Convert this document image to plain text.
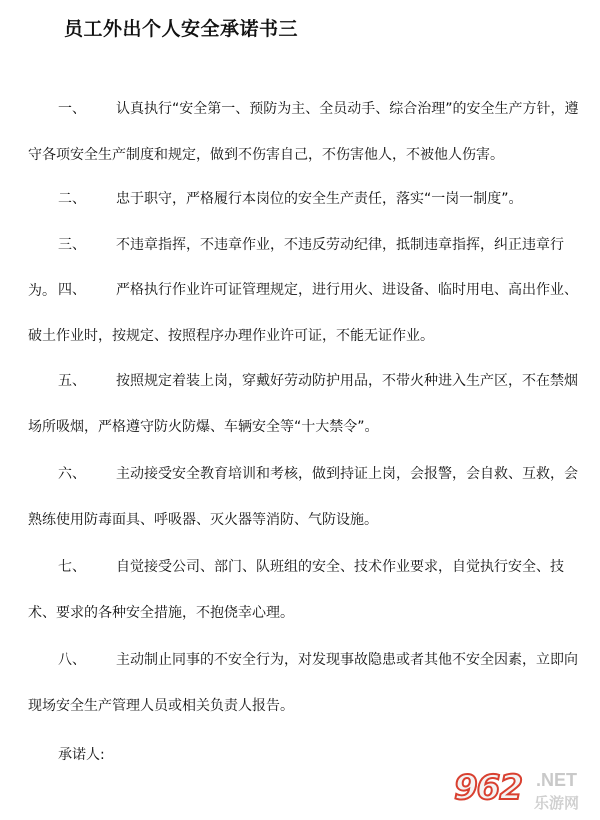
员工外出个人安全承诺书三
一、 认真执行“安全第一、预防为主、全员动手、综合治理”的安全生产方针，遵守各项安全生产制度和规定，做到不伤害自己，不伤害他人，不被他人伤害。
二、 忠于职守，严格履行本岗位的安全生产责任，落实“一岗一制度”。
三、 不违章指挥，不违章作业，不违反劳动纪律，抵制违章指挥，纠正违章行为。 四、 严格执行作业许可证管理规定，进行用火、进设备、临时用电、高出作业、破土作业时，按规定、按照程序办理作业许可证，不能无证作业。
五、 按照规定着装上岗，穿戴好劳动防护用品，不带火种进入生产区，不在禁烟场所吸烟，严格遵守防火防爆、车辆安全等“十大禁令”。
六、 主动接受安全教育培训和考核，做到持证上岗，会报警，会自救、互救，会熟练使用防毒面具、呼吸器、灭火器等消防、气防设施。
七、 自觉接受公司、部门、队班组的安全、技术作业要求，自觉执行安全、技术、要求的各种安全措施，不抱侥幸心理。
八、 主动制止同事的不安全行为，对发现事故隐患或者其他不安全因素，立即向现场安全生产管理人员或相关负责人报告。
承诺人:
962 .NET
乐游网
